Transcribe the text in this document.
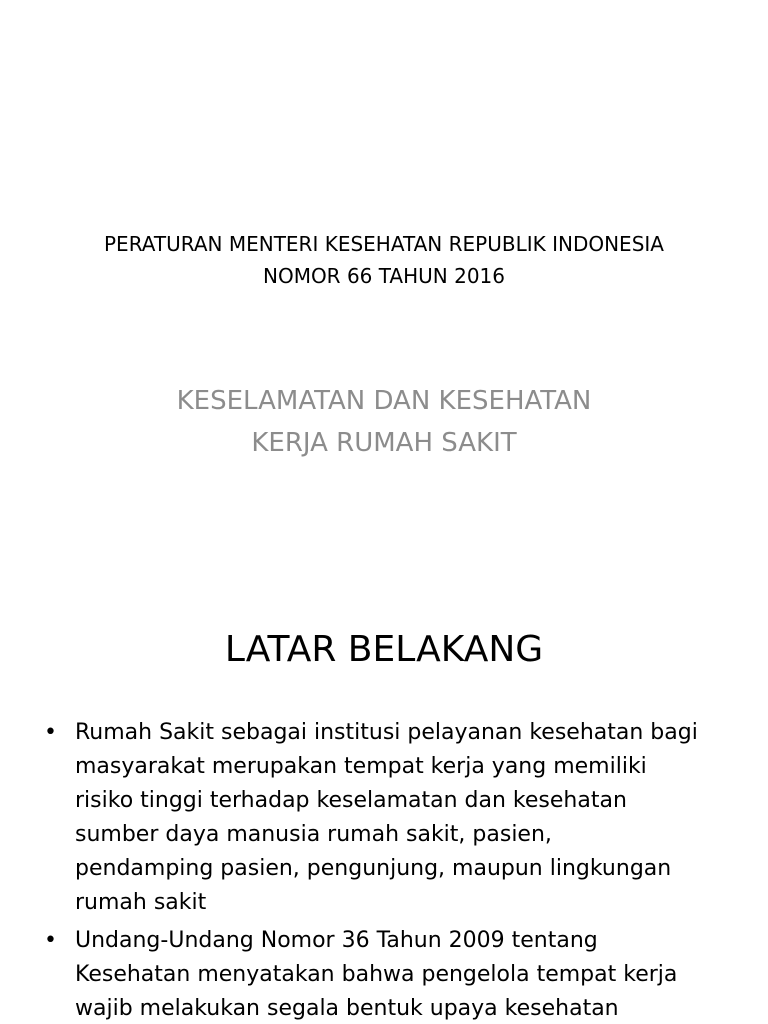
PERATURAN MENTERI KESEHATAN REPUBLIK INDONESIA
NOMOR 66 TAHUN 2016
KESELAMATAN DAN KESEHATAN
KERJA RUMAH SAKIT
LATAR BELAKANG
• Rumah Sakit sebagai institusi pelayanan kesehatan bagi
masyarakat merupakan tempat kerja yang memiliki
risiko tinggi terhadap keselamatan dan kesehatan
sumber daya manusia rumah sakit, pasien,
pendamping pasien, pengunjung, maupun lingkungan
rumah sakit
• Undang-Undang Nomor 36 Tahun 2009 tentang
Kesehatan menyatakan bahwa pengelola tempat kerja
wajib melakukan segala bentuk upaya kesehatan
